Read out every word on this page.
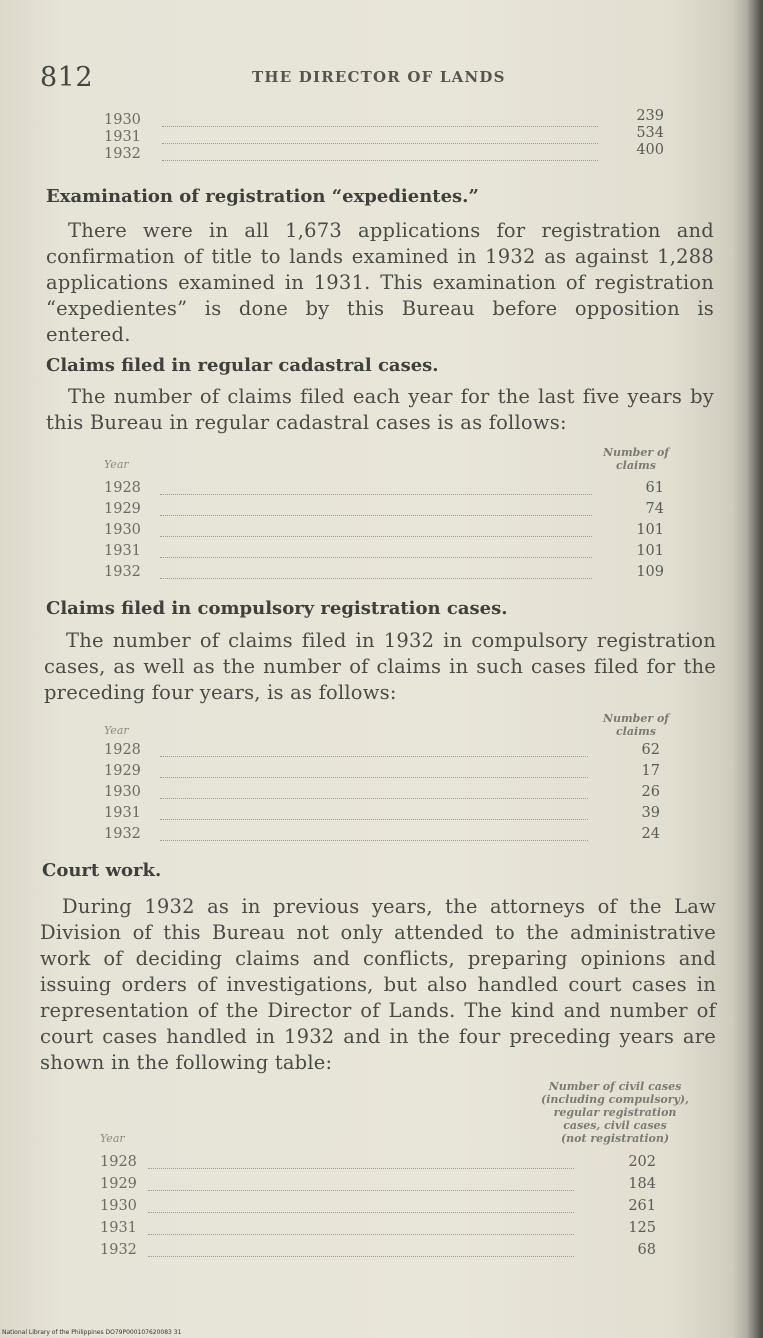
812	THE DIRECTOR OF LANDS
1930	239
1931	534
1932	400
Examination of registration “expedientes.”
There were in all 1,673 applications for registration and confirmation of title to lands examined in 1932 as against 1,288 applications examined in 1931. This examination of registration “expedientes” is done by this Bureau before opposition is entered.
Claims filed in regular cadastral cases.
The number of claims filed each year for the last five years by this Bureau in regular cadastral cases is as follows:
Year
Number of claims
1928	61
1929	74
1930	101
1931	101
1932	109
Claims filed in compulsory registration cases.
The number of claims filed in 1932 in compulsory registration cases, as well as the number of claims in such cases filed for the preceding four years, is as follows:
Year
Number of claims
1928	62
1929	17
1930	26
1931	39
1932	24
Court work.
During 1932 as in previous years, the attorneys of the Law Division of this Bureau not only attended to the administrative work of deciding claims and conflicts, preparing opinions and issuing orders of investigations, but also handled court cases in representation of the Director of Lands. The kind and number of court cases handled in 1932 and in the four preceding years are shown in the following table:
Year
Number of civil cases
(including compulsory),
regular registration
cases, civil cases
(not registration)
1928	202
1929	184
1930	261
1931	125
1932	68
National Library of the Philippines DO79P000107620083 31
